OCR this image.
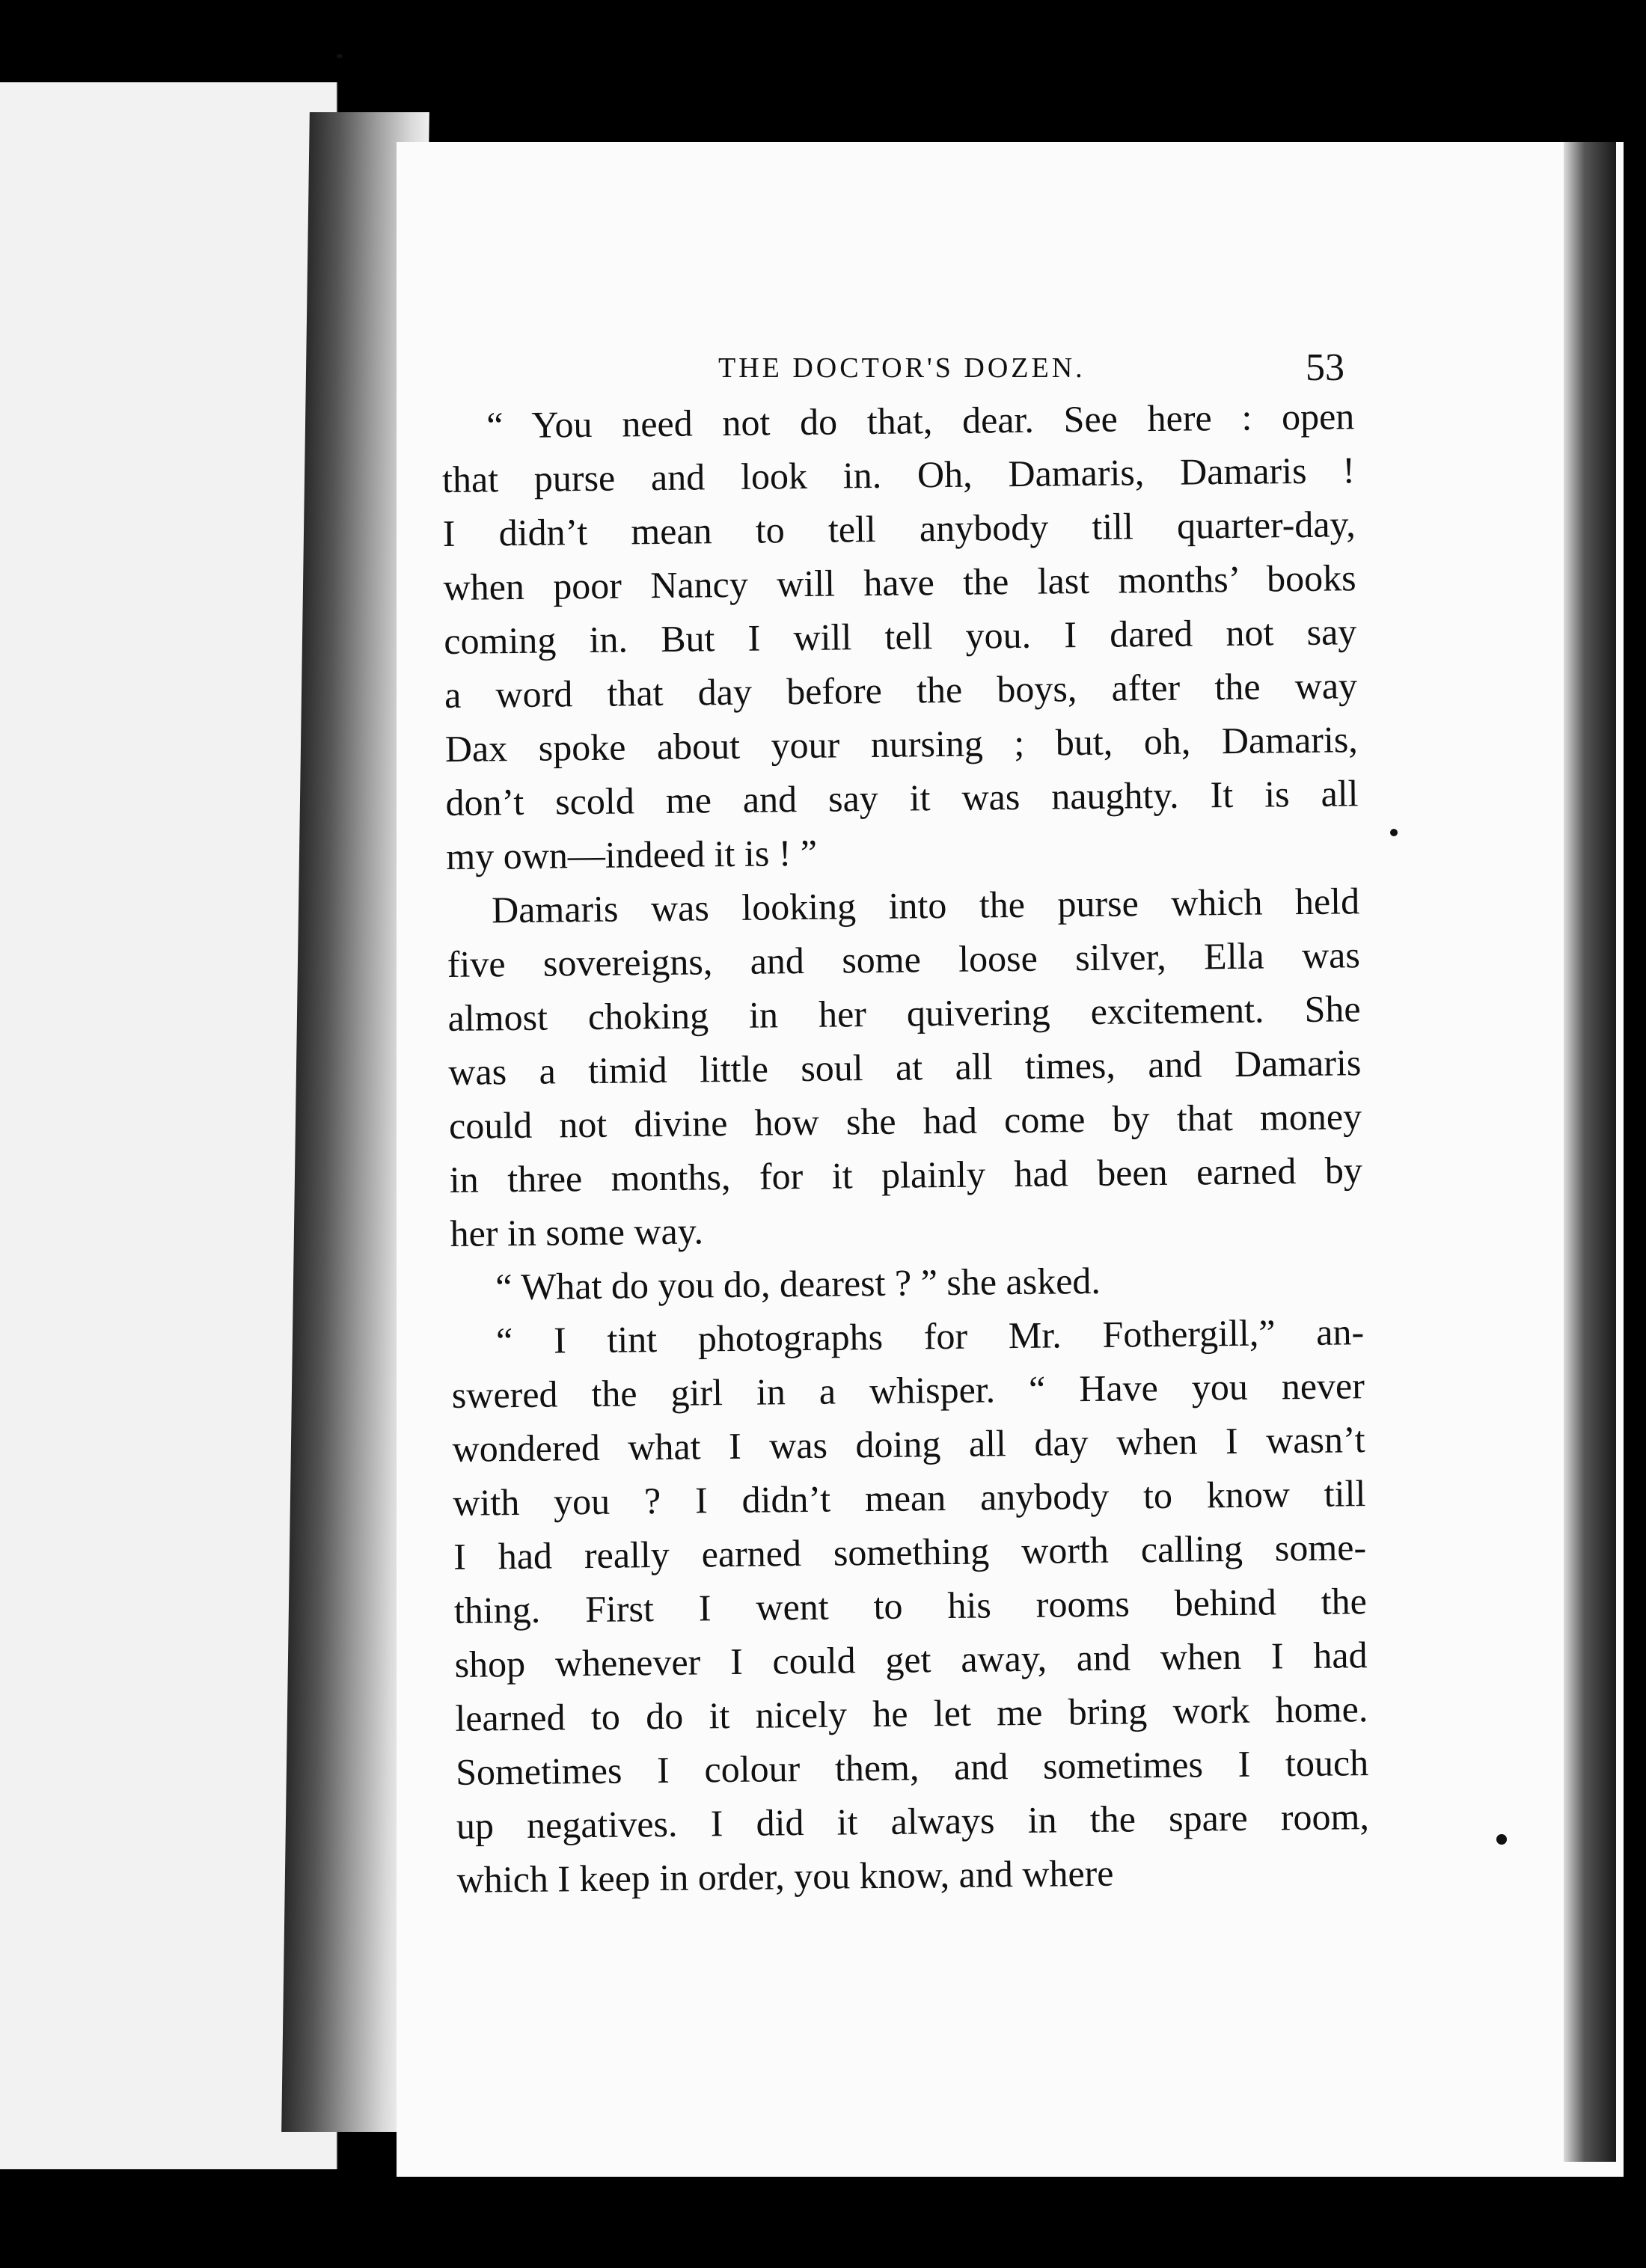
THE DOCTOR'S DOZEN.	53
“ You need not do that, dear. See here : open
that purse and look in. Oh, Damaris, Damaris !
I didn’t mean to tell anybody till quarter-day,
when poor Nancy will have the last months’ books
coming in. But I will tell you. I dared not say
a word that day before the boys, after the way
Dax spoke about your nursing ; but, oh, Damaris,
don’t scold me and say it was naughty. It is all
my own—indeed it is ! ”
Damaris was looking into the purse which held
five sovereigns, and some loose silver, Ella was
almost choking in her quivering excitement. She
was a timid little soul at all times, and Damaris
could not divine how she had come by that money
in three months, for it plainly had been earned by
her in some way.
“ What do you do, dearest ? ” she asked.
“ I tint photographs for Mr. Fothergill,” an-
swered the girl in a whisper. “ Have you never
wondered what I was doing all day when I wasn’t
with you ? I didn’t mean anybody to know till
I had really earned something worth calling some-
thing. First I went to his rooms behind the
shop whenever I could get away, and when I had
learned to do it nicely he let me bring work home.
Sometimes I colour them, and sometimes I touch
up negatives. I did it always in the spare room,
which I keep in order, you know, and where
